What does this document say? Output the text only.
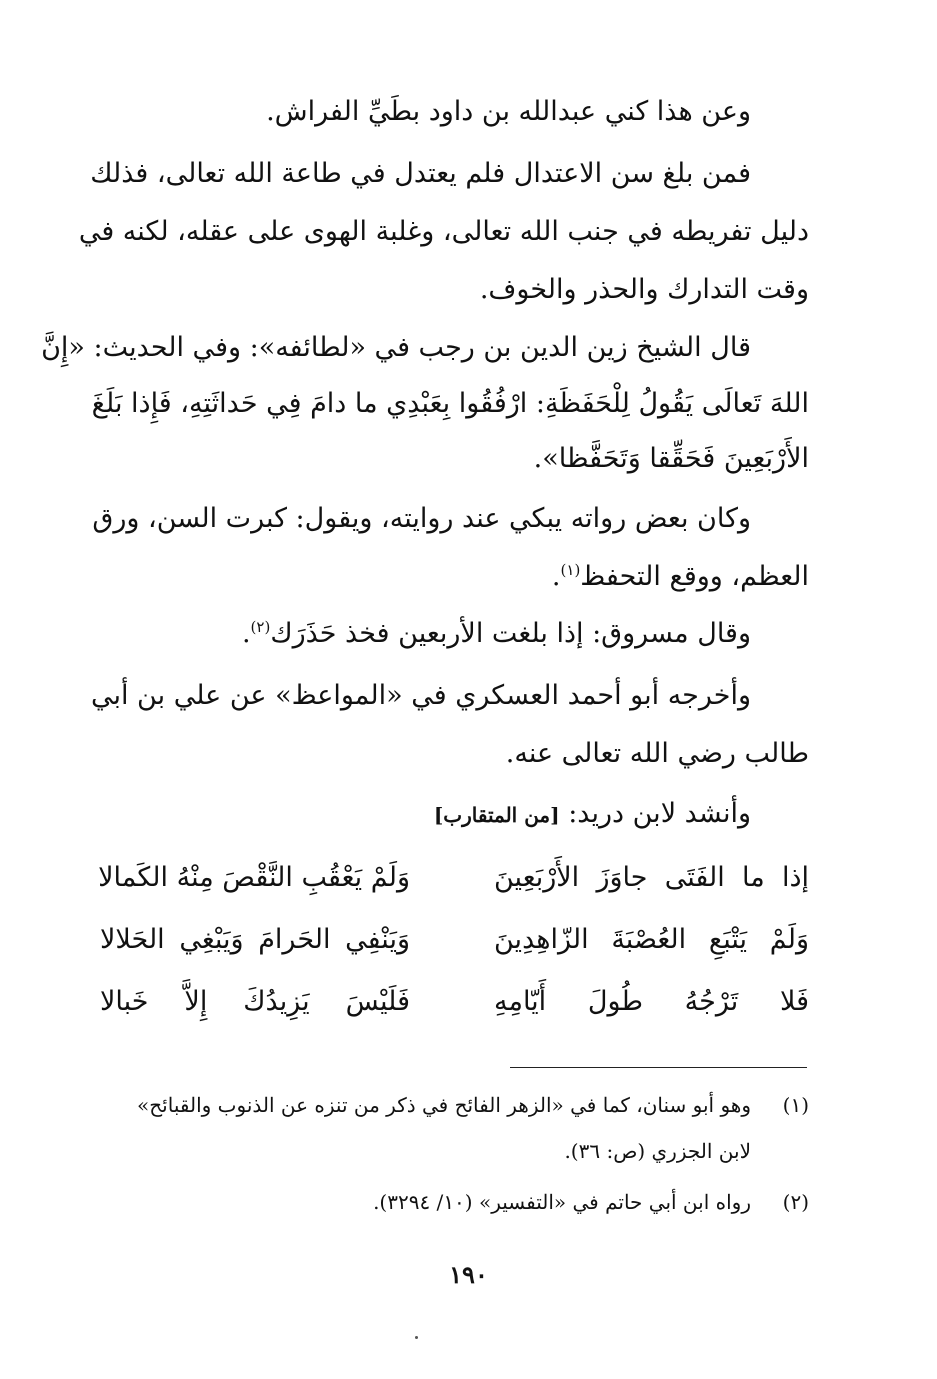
وعن هذا كني عبدالله بن داود بطَيِّ الفراش.
فمن بلغ سن الاعتدال فلم يعتدل في طاعة الله تعالى، فذلك
دليل تفريطه في جنب الله تعالى، وغلبة الهوى على عقله، لكنه في
وقت التدارك والحذر والخوف.
قال الشيخ زين الدين بن رجب في «لطائفه»: وفي الحديث: «إِنَّ
اللهَ تَعالَى يَقُولُ لِلْحَفَظَةِ: ارْفُقُوا بِعَبْدِي ما دامَ فِي حَداثَتِهِ، فَإِذا بَلَغَ
الأَرْبَعِينَ فَحَقِّقا وَتَحَفَّظا».
وكان بعض رواته يبكي عند روايته، ويقول: كبرت السن، ورق
العظم، ووقع التحفظ$^{(١)}$.
وقال مسروق: إذا بلغت الأربعين فخذ حَذَرَك$^{(٢)}$.
وأخرجه أبو أحمد العسكري في «المواعظ» عن علي بن أبي
طالب رضي الله تعالى عنه.
وأنشد لابن دريد: [من المتقارب]
إذا ما الفَتَى جاوَزَ الأَرْبَعِينَ
وَلَمْ يَعْقُبِ النَّقْصَ مِنْهُ الكَمالا
وَلَمْ يَتْبَعِ العُصْبَةَ الزّاهِدِينَ
وَيَنْفِي الحَرامَ وَيَبْغِي الحَلالا
فَلا تَرْجُهُ طُولَ أَيّامِهِ
فَلَيْسَ يَزِيدُكَ إِلاَّ خَبالا
(١)
وهو أبو سنان، كما في «الزهر الفائح في ذكر من تنزه عن الذنوب والقبائح»
لابن الجزري (ص: ٣٦).
(٢)
رواه ابن أبي حاتم في «التفسير» (١٠/ ٣٢٩٤).
١٩٠
